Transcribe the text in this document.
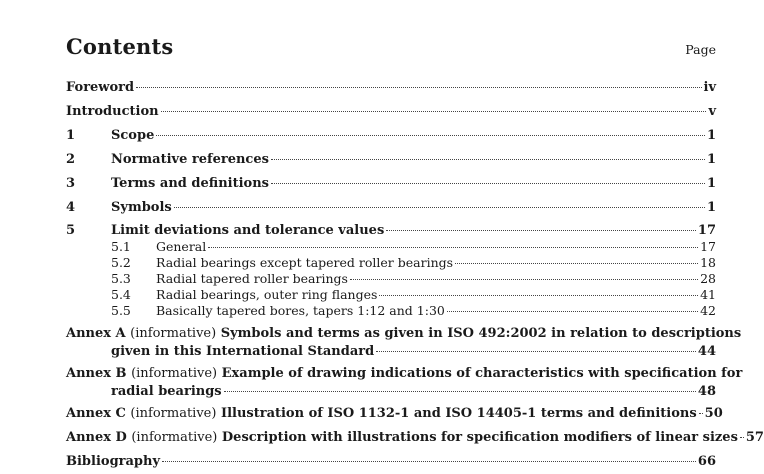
Contents	Page
Foreword	iv
Introduction	v
1	Scope	1
2	Normative references	1
3	Terms and definitions	1
4	Symbols	1
5	Limit deviations and tolerance values	17
5.1	General	17
5.2	Radial bearings except tapered roller bearings	18
5.3	Radial tapered roller bearings	28
5.4	Radial bearings, outer ring flanges	41
5.5	Basically tapered bores, tapers 1:12 and 1:30	42
Annex A (informative) Symbols and terms as given in ISO 492:2002 in relation to descriptions
given in this International Standard	44
Annex B (informative) Example of drawing indications of characteristics with specification for
radial bearings	48
Annex C (informative) Illustration of ISO 1132-1 and ISO 14405-1 terms and definitions 50
Annex D (informative) Description with illustrations for specification modifiers of linear sizes 57
Bibliography	66
